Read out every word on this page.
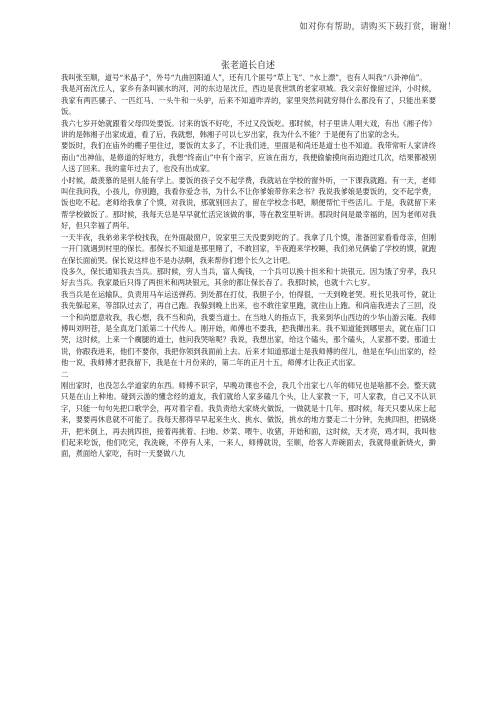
如对你有帮助，请购买下载打赏，谢谢！
张老道长自述

我叫张至顺，道号“米晶子”，外号“九曲回阳道人”，还有几个匪号“草上飞”、“水上漂”，也有人叫我“八卦神仙”。

我是河南沈丘人，家乡有条叫颍水的河，河的东边是沈丘，西边是袁世凯的老家项城。我父亲好像留过洋，小时候，我家有两匹骡子、一匹红马、一头牛和一头驴，后来不知道咋弄的，家里突然间就穷得什么都没有了，只能出来要饭。

我六七岁开始就跟着父母四处要饭。讨来的饭不好吃，不过又没饭吃。那时候，村子里讲人唱大戏，有出《湘子传》讲的是韩湘子出家成道，看了后，我就想，韩湘子可以七岁出家，我为什么不能？于是便有了出家的念头。

要饭时，我们在庙外的棚子里住过，要饭的太多了，不让我们进，里面是和尚还是道士也不知道。我带常听人家讲终南山“出神仙，是修道的好地方，我想“终南山”中有个南字，应该在南方，我便偷偷摸向南边跑过几次，结果都被别人送了回来。我的童年过去了，也没有出成家。

小时候，最羡慕的是别人能有学上。要饭的孩子交不起学费，我就站在学校的窗外听，一下课我就跑。有一天，老师叫住我问我，小孩儿，你别跑，我看你爱念书，为什么不让你爹娘带你来念书？我说我爹娘是要饭的，交不起学费，饭也吃不起。老师给我拿了个馍，对我说，那就别回去了，留在学校念书吧，顺便帮忙干些活儿。于是，我就留下来帮学校做饭了。那时候，我每天总是早早就忙活完该做的事，等在教室里听讲。那段时间是最幸福的，因为老师对我好，但只幸福了两年。

一天半夜，我弟弟来学校找我，在外面敲窗户，说家里三天没要到吃的了。我拿了几个馍，准备回家看看母亲，但刚一开门就遇到村里的保长。那保长不知道是那里赌了，不敢回家，半夜跑来学校睡，我们弟兄俩偷了学校的馍，就跑在保长面前哭。保长说这样也不是办法啊，我来帮你们想个长久之计吧。

没多久，保长通知我去当兵。那时候，穷人当兵，富人掏钱，一个兵可以换十担米和十块银元。因为饿了穷孝，我只好去当兵。我家最后只得了两担米和两块银元，其余的都让保长吞了。我那时候，也就十六七岁。

我当兵是在运输队，负责用马车运送弹药。到处都在打仗，我胆子小，怕得很，一天到晚老哭。班长见我可怜，就让我先躲起来，等部队过去了，再自己跑。我躲到晚上出来，也不敢往家里跑，就往山上跑。和尚庙我进去了三回，没一个和尚愿意收我，我心想，我不当和尚，我要当道士。在当地人的指点下，我来到华山西边的少华山游云庵。我师傅叫刘明苍，是全真龙门派第二十代传人。刚开始，师傅也不要我，把我撵出来。我不知道能到哪里去，就在庙门口哭，这时候，上来一个瘸腿的道士，他问我哭啥呢？我说，我想出家，给这个磕头，那个磕头，人家都不要。那道士说，你跟我进来，他们不要你，我把你领到我面前上去。后来才知道那道士是我师傅的侄儿，他是在华山出家的，经他一说，我师傅才把我留下，我是在十月份来的，第二年的正月十五，师傅才让我正式出家。

二

刚出家时，也没怎么学道家的东西。师傅不识字，早晚功课也不会，我几个出家七八年的师兄也是啥都不会。整天就只是在山上种地。碰到云游的懂念经的道友，我们就给人家多磕几个头，让人家教一下，可人家教，自己又不认识字，只能一句句先把口歌学会，再对着字看。我负责给大家烧火做饭，一做就是十几年。那时候，每天只要从床上起来，要要再休息就不可能了。我每天都得早早起来生火、挑水、做饭，挑水的地方要走二十分钟，先挑四担，把锅烧开，把米倒上，再去挑四担，接着再挑着、扫地、炒菜、喂牛、收猪，开始和面，这时候，天才亮，鸡才叫，我叫他们起来吃饭，他们吃完，我洗碗，不停有人来，一来人，师傅就说，至顺，给客人弄碗面去，我就得重新烧火，擀面，煮面给人家吃，有时一天要做八九
